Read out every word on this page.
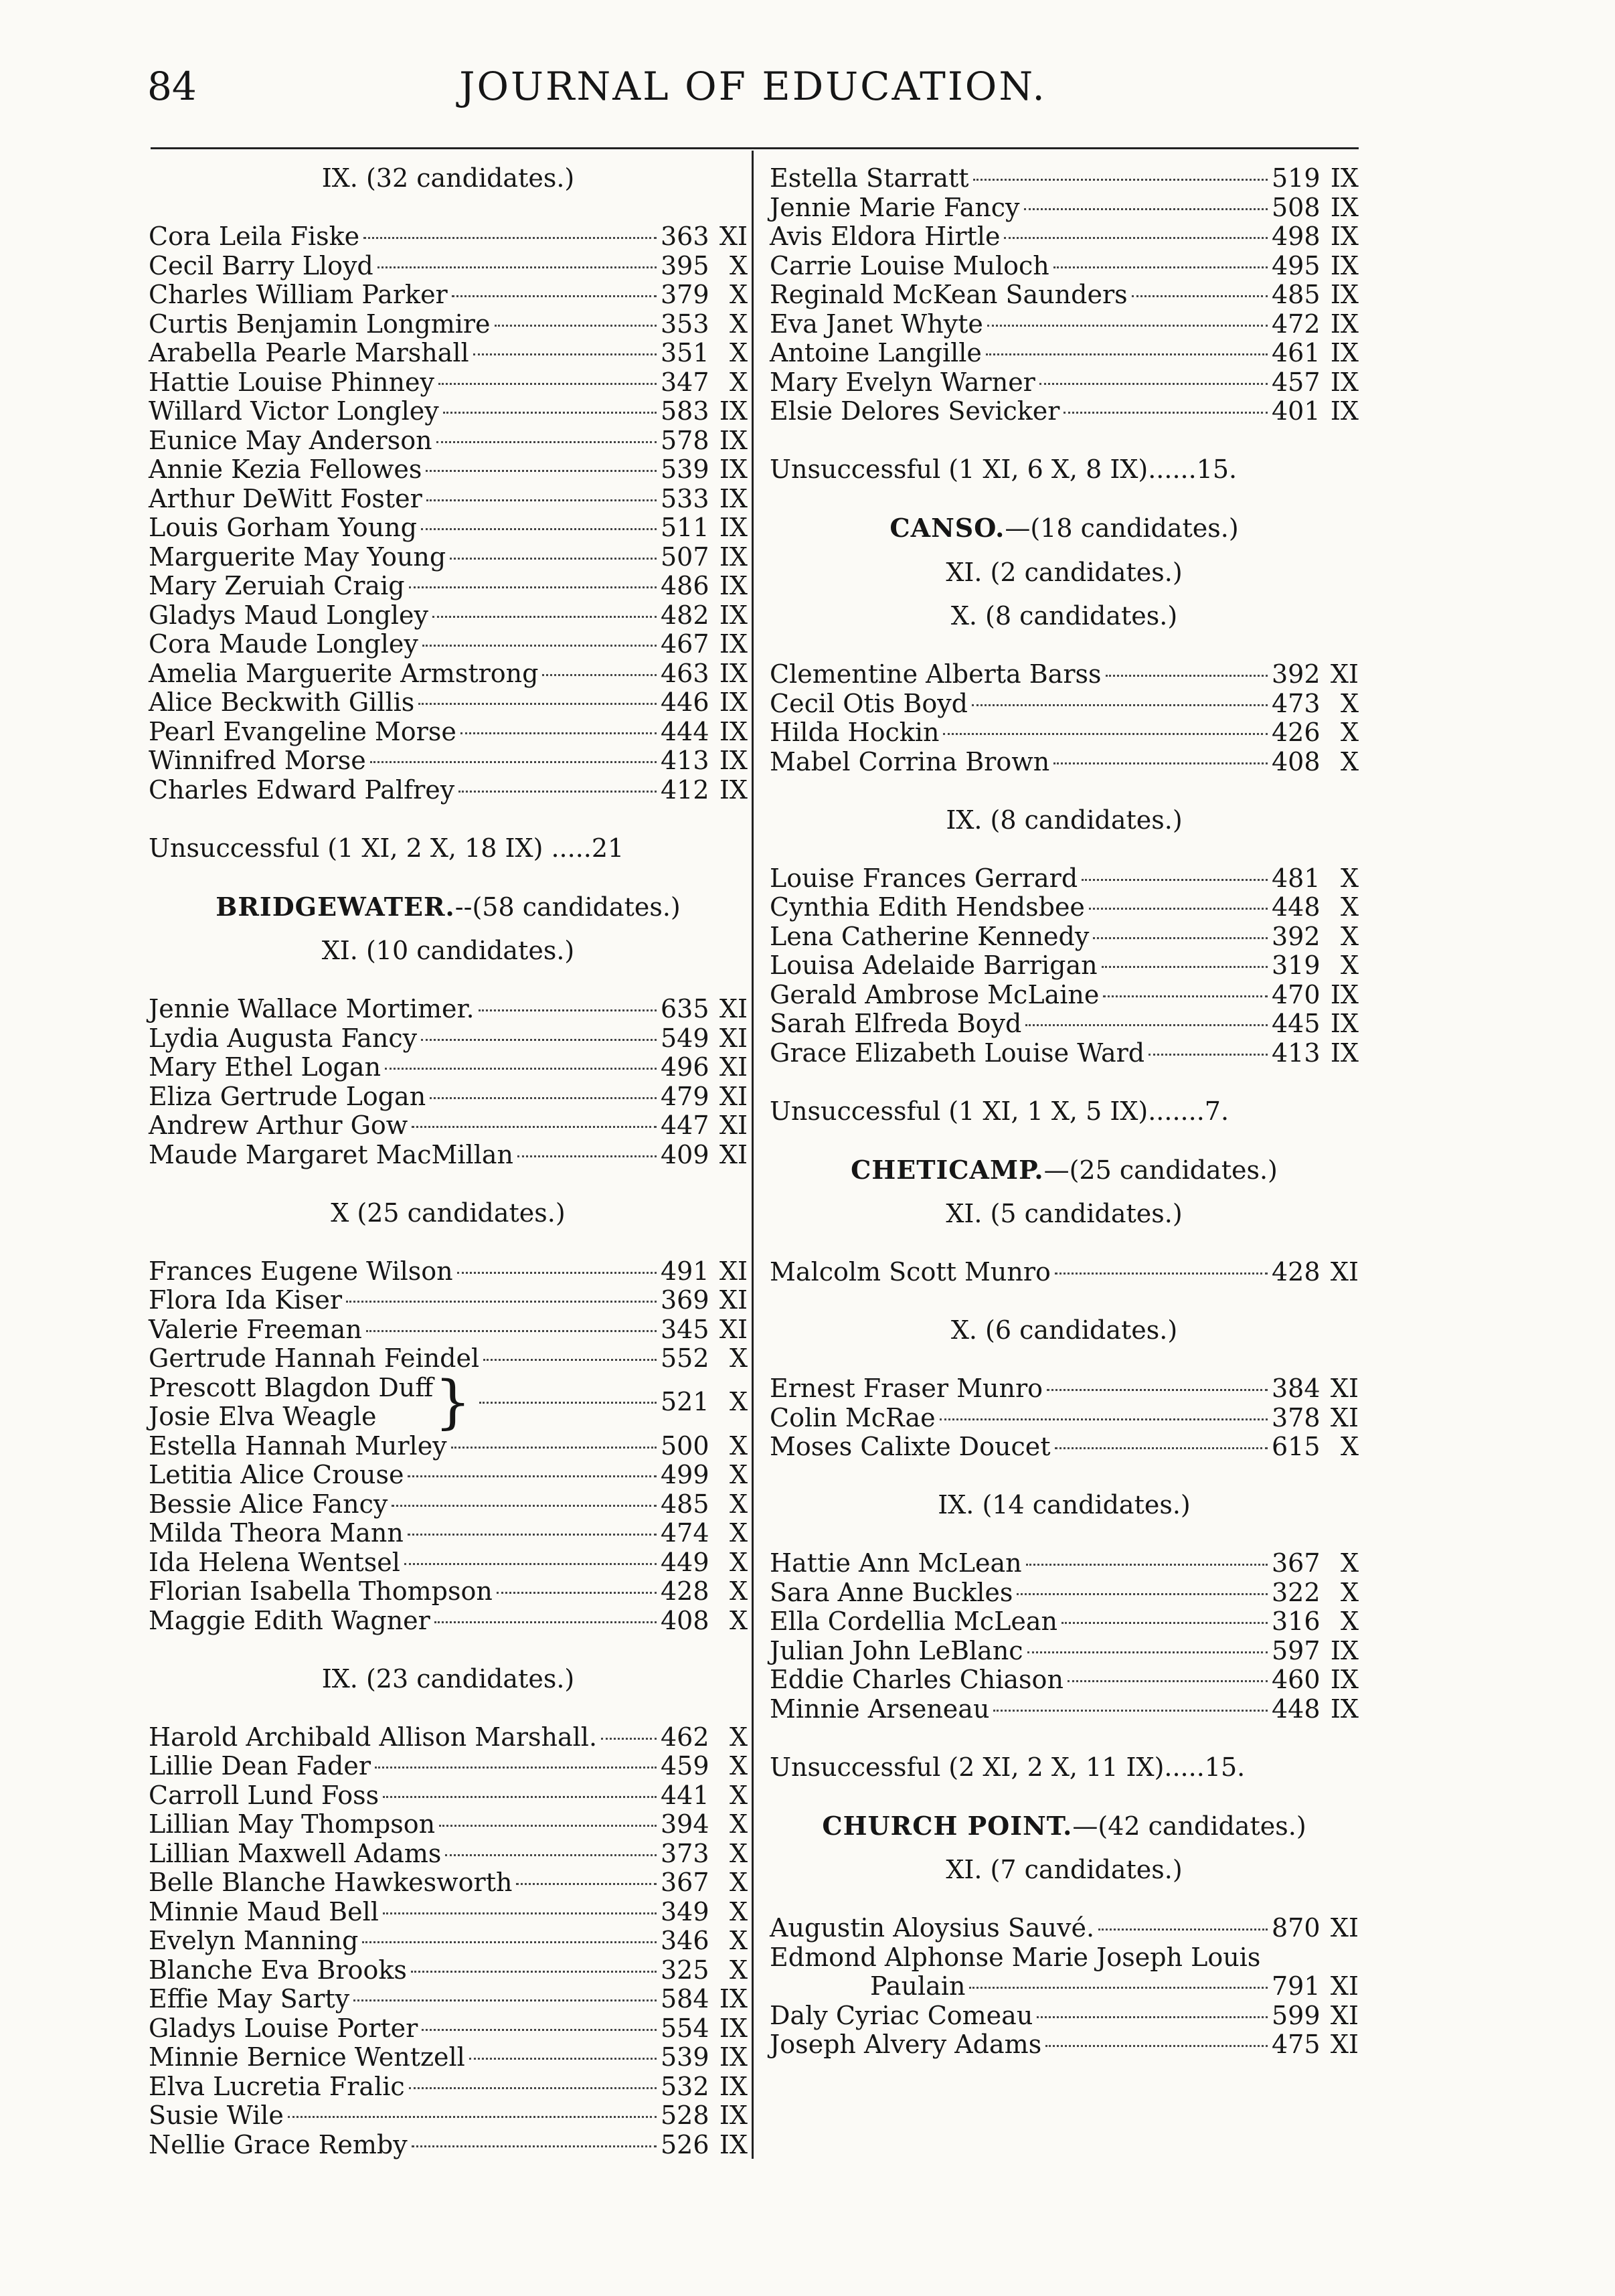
84	JOURNAL OF EDUCATION.
IX. (32 candidates.)
Cora Leila Fiske	363 XI
Cecil Barry Lloyd	395 X
Charles William Parker	379 X
Curtis Benjamin Longmire	353 X
Arabella Pearle Marshall	351 X
Hattie Louise Phinney	347 X
Willard Victor Longley	583 IX
Eunice May Anderson	578 IX
Annie Kezia Fellowes	539 IX
Arthur DeWitt Foster	533 IX
Louis Gorham Young	511 IX
Marguerite May Young	507 IX
Mary Zeruiah Craig	486 IX
Gladys Maud Longley	482 IX
Cora Maude Longley	467 IX
Amelia Marguerite Armstrong	463 IX
Alice Beckwith Gillis	446 IX
Pearl Evangeline Morse	444 IX
Winnifred Morse	413 IX
Charles Edward Palfrey	412 IX
Unsuccessful (1 XI, 2 X, 18 IX) .....21
BRIDGEWATER.--(58 candidates.)
XI. (10 candidates.)
Jennie Wallace Mortimer.	635 XI
Lydia Augusta Fancy	549 XI
Mary Ethel Logan	496 XI
Eliza Gertrude Logan	479 XI
Andrew Arthur Gow	447 XI
Maude Margaret MacMillan	409 XI
X (25 candidates.)
Frances Eugene Wilson	491 XI
Flora Ida Kiser	369 XI
Valerie Freeman	345 XI
Gertrude Hannah Feindel	552 X
Prescott Blagdon Duff
Josie Elva Weagle	}	521 X
Estella Hannah Murley	500 X
Letitia Alice Crouse	499 X
Bessie Alice Fancy	485 X
Milda Theora Mann	474 X
Ida Helena Wentsel	449 X
Florian Isabella Thompson	428 X
Maggie Edith Wagner	408 X
IX. (23 candidates.)
Harold Archibald Allison Marshall. 462 X
Lillie Dean Fader	459 X
Carroll Lund Foss	441 X
Lillian May Thompson	394 X
Lillian Maxwell Adams	373 X
Belle Blanche Hawkesworth	367 X
Minnie Maud Bell	349 X
Evelyn Manning	346 X
Blanche Eva Brooks	325 X
Effie May Sarty	584 IX
Gladys Louise Porter	554 IX
Minnie Bernice Wentzell	539 IX
Elva Lucretia Fralic	532 IX
Susie Wile	528 IX
Nellie Grace Remby	526 IX
Estella Starratt	519 IX
Jennie Marie Fancy	508 IX
Avis Eldora Hirtle	498 IX
Carrie Louise Muloch	495 IX
Reginald McKean Saunders	485 IX
Eva Janet Whyte	472 IX
Antoine Langille	461 IX
Mary Evelyn Warner	457 IX
Elsie Delores Sevicker	401 IX
Unsuccessful (1 XI, 6 X, 8 IX)......15.
CANSO.—(18 candidates.)
XI. (2 candidates.)
X. (8 candidates.)
Clementine Alberta Barss	392 XI
Cecil Otis Boyd	473 X
Hilda Hockin	426 X
Mabel Corrina Brown	408 X
IX. (8 candidates.)
Louise Frances Gerrard	481 X
Cynthia Edith Hendsbee	448 X
Lena Catherine Kennedy	392 X
Louisa Adelaide Barrigan	319 X
Gerald Ambrose McLaine	470 IX
Sarah Elfreda Boyd	445 IX
Grace Elizabeth Louise Ward	413 IX
Unsuccessful (1 XI, 1 X, 5 IX).......7.
CHETICAMP.—(25 candidates.)
XI. (5 candidates.)
Malcolm Scott Munro	428 XI
X. (6 candidates.)
Ernest Fraser Munro	384 XI
Colin McRae	378 XI
Moses Calixte Doucet	615 X
IX. (14 candidates.)
Hattie Ann McLean	367 X
Sara Anne Buckles	322 X
Ella Cordellia McLean	316 X
Julian John LeBlanc	597 IX
Eddie Charles Chiason	460 IX
Minnie Arseneau	448 IX
Unsuccessful (2 XI, 2 X, 11 IX).....15.
CHURCH POINT.—(42 candidates.)
XI. (7 candidates.)
Augustin Aloysius Sauvé.	870 XI
Edmond Alphonse Marie Joseph Louis
Paulain	791 XI
Daly Cyriac Comeau	599 XI
Joseph Alvery Adams	475 XI
